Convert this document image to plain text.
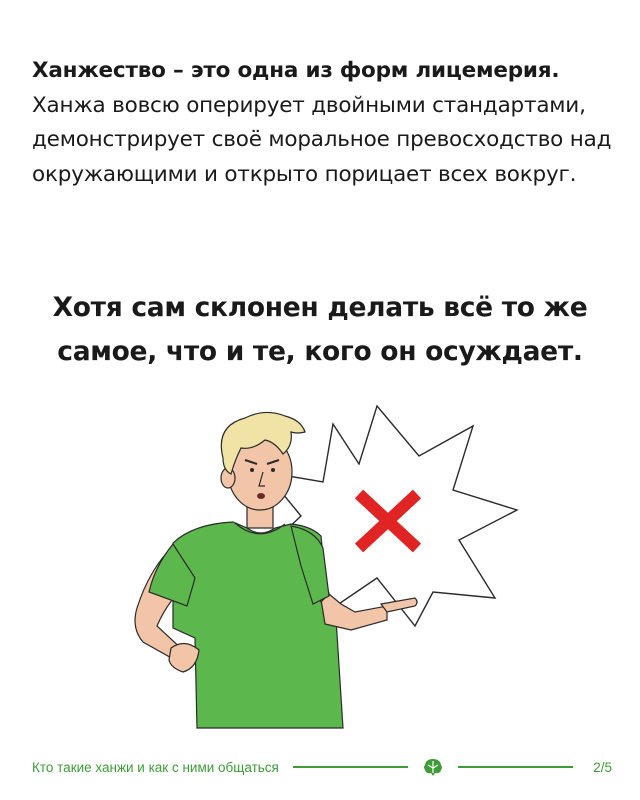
Ханжество – это одна из форм лицемерия. Ханжа вовсю оперирует двойными стандартами, демонстрирует своё моральное превосходство над окружающими и открыто порицает всех вокруг.
Хотя сам склонен делать всё то же самое, что и те, кого он осуждает.
Кто такие ханжи и как с ними общаться	2/5
